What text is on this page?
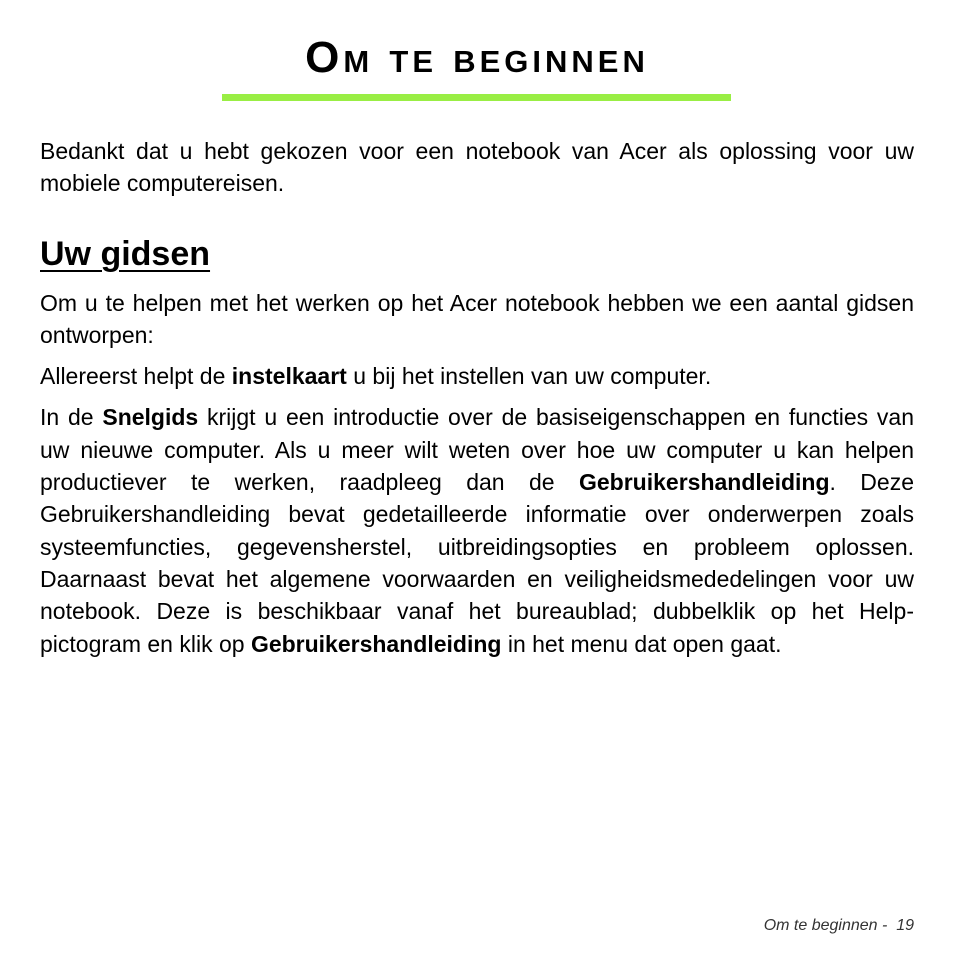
Om te beginnen

Bedankt dat u hebt gekozen voor een notebook van Acer als oplossing voor uw mobiele computereisen.

Uw gidsen

Om u te helpen met het werken op het Acer notebook hebben we een aantal gidsen ontworpen:

Allereerst helpt de instelkaart u bij het instellen van uw computer.

In de Snelgids krijgt u een introductie over de basiseigenschappen en functies van uw nieuwe computer. Als u meer wilt weten over hoe uw computer u kan helpen productiever te werken, raadpleeg dan de Gebruikershandleiding. Deze Gebruikershandleiding bevat gedetailleerde informatie over onderwerpen zoals systeemfuncties, gegevensherstel, uitbreidingsopties en probleem oplossen. Daarnaast bevat het algemene voorwaarden en veiligheidsmededelingen voor uw notebook. Deze is beschikbaar vanaf het bureaublad; dubbelklik op het Help-pictogram en klik op Gebruikershandleiding in het menu dat open gaat.

Om te beginnen -  19
